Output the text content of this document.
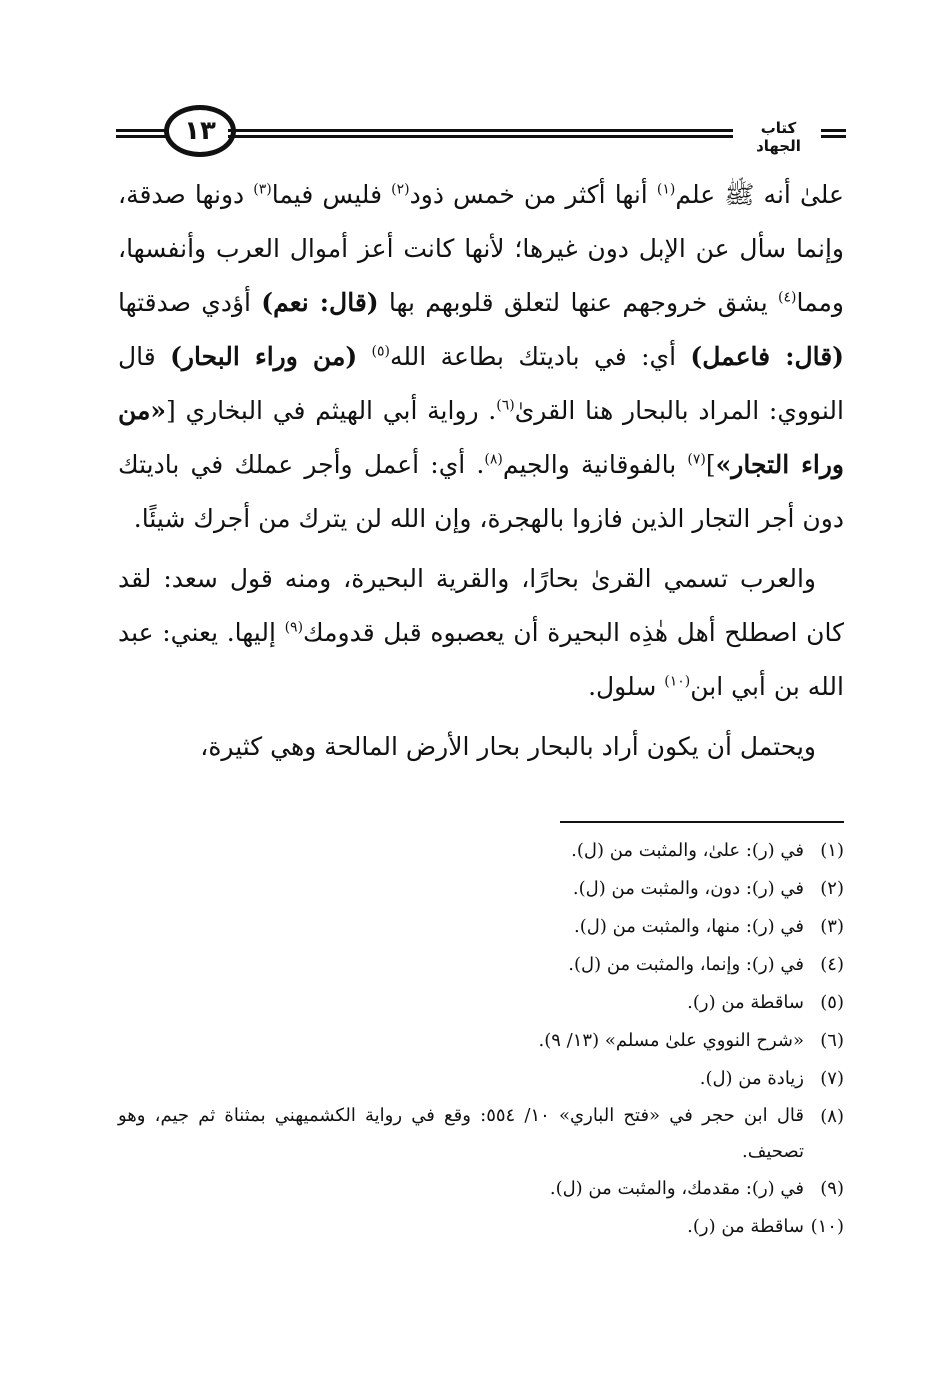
١٣	كتاب الجهاد

علىٰ أنه ﷺ علم$^{(١)}$ أنها أكثر من خمس ذود$^{(٢)}$ فليس فيما$^{(٣)}$ دونها صدقة، وإنما سأل عن الإبل دون غيرها؛ لأنها كانت أعز أموال العرب وأنفسها، ومما$^{(٤)}$ يشق خروجهم عنها لتعلق قلوبهم بها (قال: نعم) أؤدي صدقتها (قال: فاعمل) أي: في باديتك بطاعة الله$^{(٥)}$ (من وراء البحار) قال النووي: المراد بالبحار هنا القرىٰ$^{(٦)}$. رواية أبي الهيثم في البخاري [«من وراء التجار»]$^{(٧)}$ بالفوقانية والجيم$^{(٨)}$. أي: أعمل وأجر عملك في باديتك دون أجر التجار الذين فازوا بالهجرة، وإن الله لن يترك من أجرك شيئًا.

والعرب تسمي القرىٰ بحارًا، والقرية البحيرة، ومنه قول سعد: لقد كان اصطلح أهل هٰذِه البحيرة أن يعصبوه قبل قدومك$^{(٩)}$ إليها. يعني: عبد الله بن أبي ابن$^{(١٠)}$ سلول.

ويحتمل أن يكون أراد بالبحار بحار الأرض المالحة وهي كثيرة،

(١)
في (ر): علىٰ، والمثبت من (ل).
(٢)
في (ر): دون، والمثبت من (ل).
(٣)
في (ر): منها، والمثبت من (ل).
(٤)
في (ر): وإنما، والمثبت من (ل).
(٥)
ساقطة من (ر).
(٦)
«شرح النووي علىٰ مسلم» (١٣/ ٩).
(٧)
زيادة من (ل).
(٨)
قال ابن حجر في «فتح الباري» ١٠/ ٥٥٤: وقع في رواية الكشميهني بمثناة ثم جيم، وهو تصحيف.
(٩)
في (ر): مقدمك، والمثبت من (ل).
(١٠)
ساقطة من (ر).
